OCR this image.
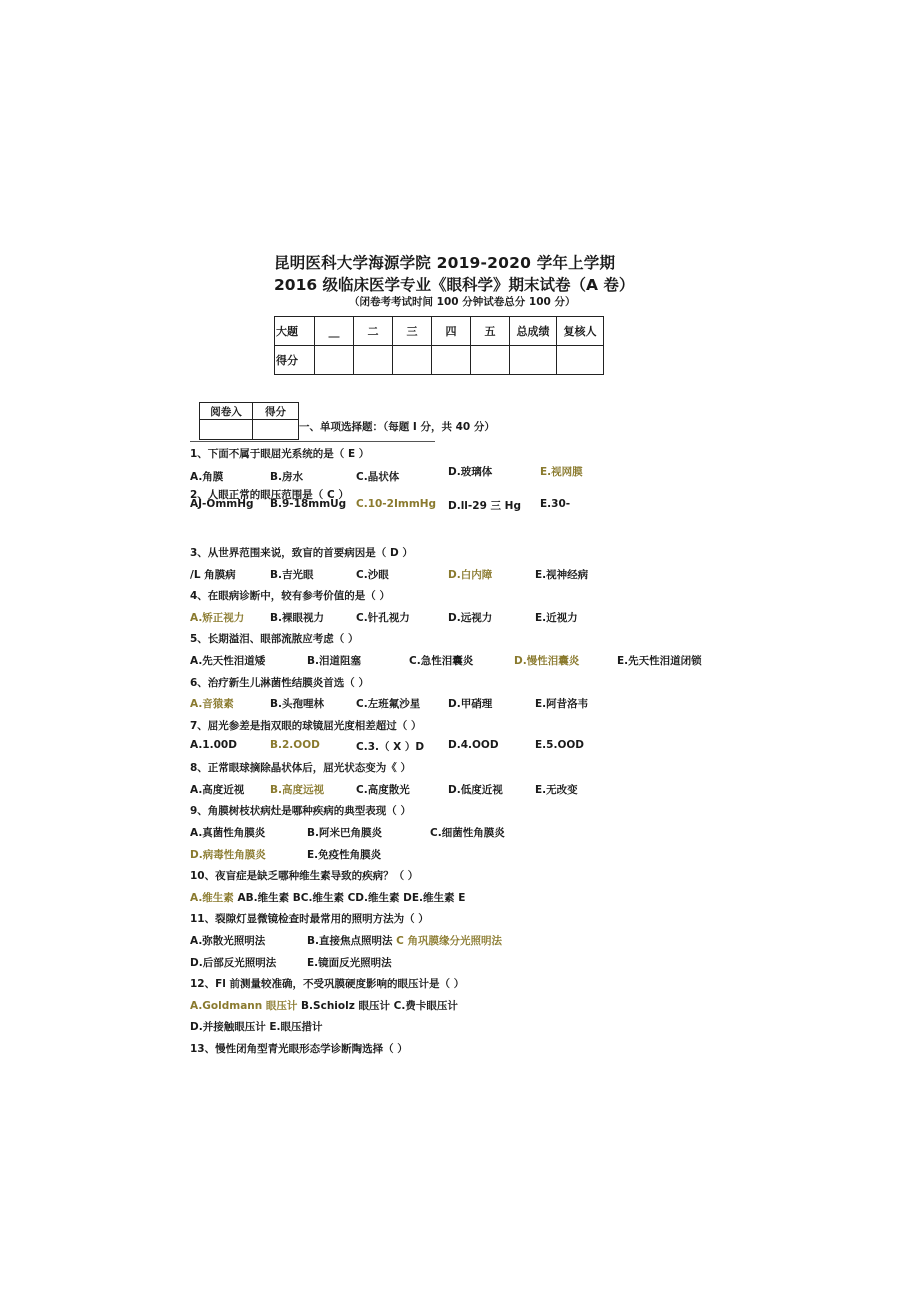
昆明医科大学海源学院 2019-2020 学年上学期
2016 级临床医学专业《眼科学》期末试卷（A 卷）
（闭卷考考试时间 100 分钟试卷总分 100 分）
大题	__	二	三	四	五	总成绩	复核人
得分							
阅卷入	得分

一、单项选择题：（每题 I 分，共 40 分）
1、下面不属于眼屈光系统的是（ E ）
A.角膜	B.房水	C.晶状体	D.玻璃体	E.视网膜
2、人眼正常的眼压范围是（ C ）
AJ-OmmHg B.9-18mmUg C.10-2ImmHg D.ll-29 三 Hg E.30-
3、从世界范围来说，致盲的首要病因是（ D ）
/L 角膜病	B.吉光眼	C.沙眼	D.白内障	E.视神经病
4、在眼病诊断中，较有参考价值的是（ ）
A.矫正视力 B.裸眼视力	C.针孔视力	D.远视力	E.近视力
5、长期溢泪、眼部流脓应考虑（ ）
A.先天性泪道矮	B.泪道阻塞	C.急性泪囊炎	D.慢性泪囊炎	E.先天性泪道闭锁
6、治疗新生儿淋菌性结膜炎首选（ ）
A.音猿素	B.头孢哩林	C.左班氟沙星	D.甲硝理	E.阿昔洛韦
7、屈光参差是指双眼的球镜屈光度相差超过（ ）
A.1.00D	B.2.OOD	C.3.（ X ）D D.4.OOD	E.5.OOD
8、正常眼球摘除晶状体后，屈光状态变为《 ）
A.高度近视 B.高度远视	C.高度散光	D.低度近视	E.无改变
9、角膜树枝状病灶是哪种疾病的典型表现（ ）
A.真菌性角膜炎	B.阿米巴角膜炎	C.细菌性角膜炎
D.病毒性角膜炎	E.免疫性角膜炎
10、夜盲症是缺乏哪种维生素导致的疾病？（ ）
A.维生素 AB.维生素 BC.维生素 CD.维生素 DE.维生素 E
11、裂隙灯显微镜检查时最常用的照明方法为（ ）
A.弥散光照明法	B.直接焦点照明法 C 角巩膜缘分光照明法
D.后部反光照明法	E.镜面反光照明法
12、Fl 前测量较准确，不受巩膜硬度影响的眼压计是（ ）
A.Goldmann 眼压计 B.Schiolz 眼压计 C.费卡眼压计
D.并接触眼压计 E.眼压措计
13、慢性闭角型青光眼形态学诊断陶选择（ ）
